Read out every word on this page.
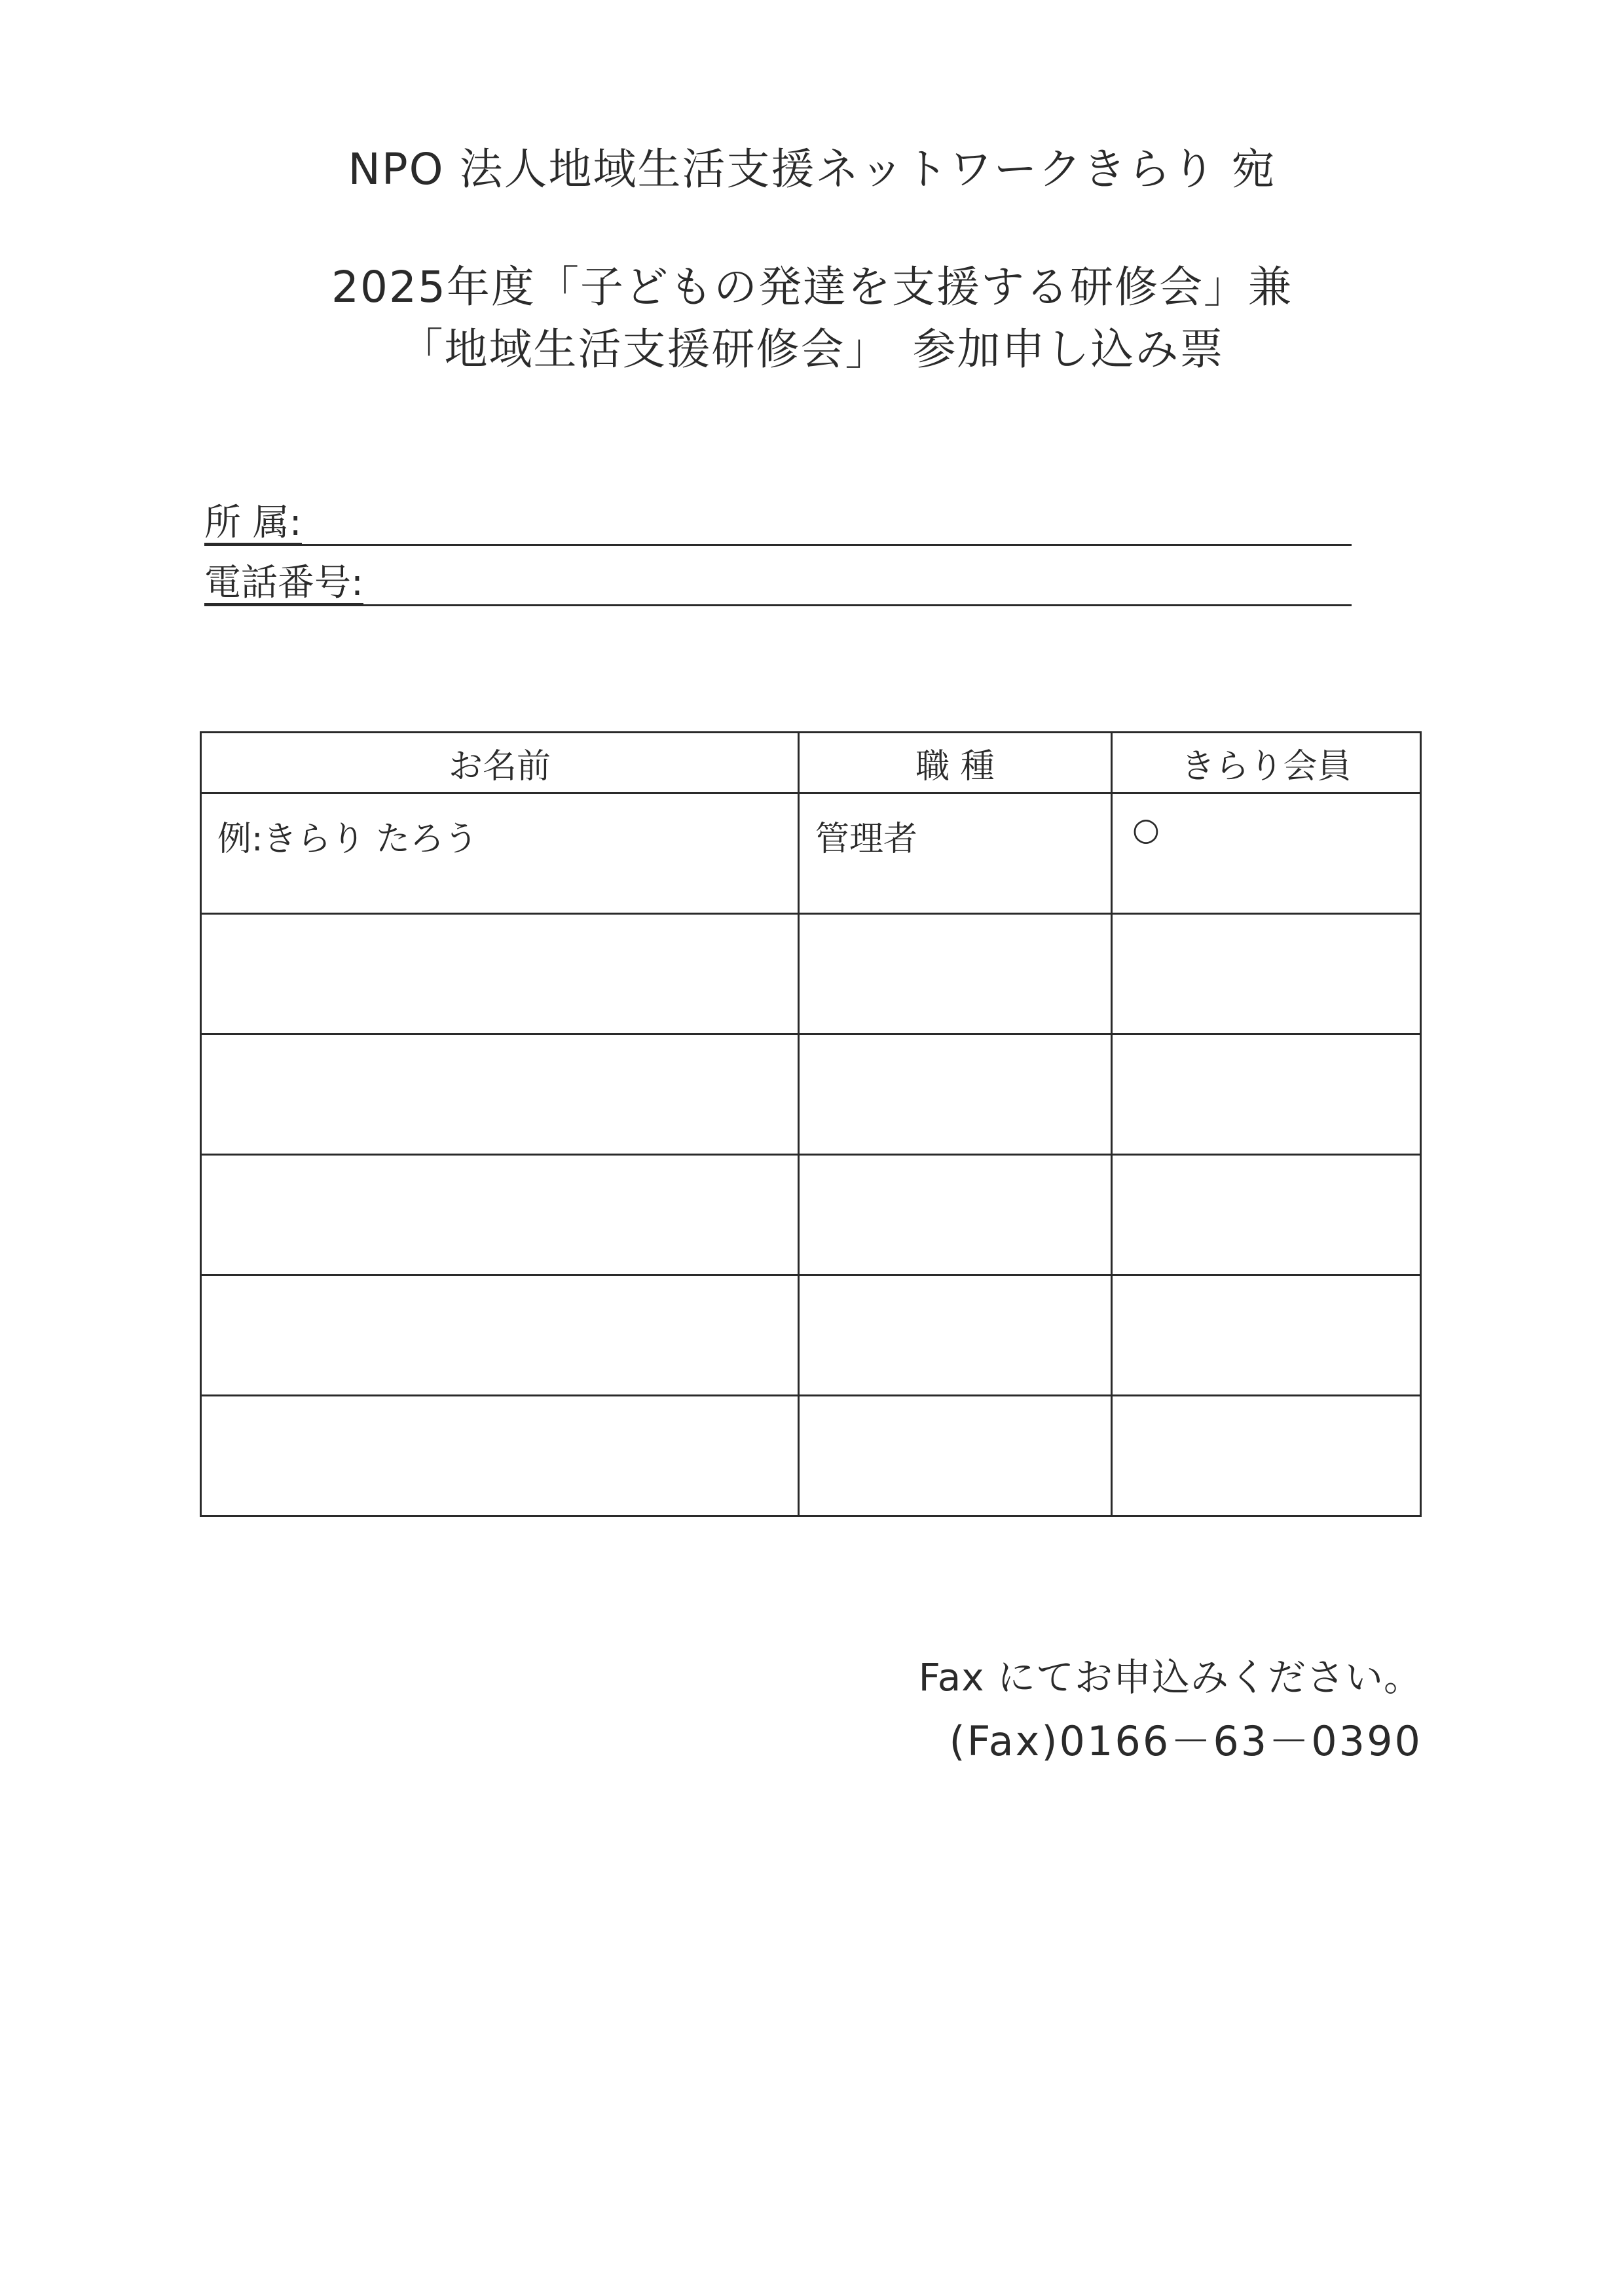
NPO 法人地域生活支援ネットワークきらり 宛
2025年度「子どもの発達を支援する研修会」兼
「地域生活支援研修会」　参加申し込み票
所 属:
電話番号:
お名前	職 種	きらり会員

例:きらり たろう	管理者	○

Fax にてお申込みください。
(Fax)0166－63－0390
